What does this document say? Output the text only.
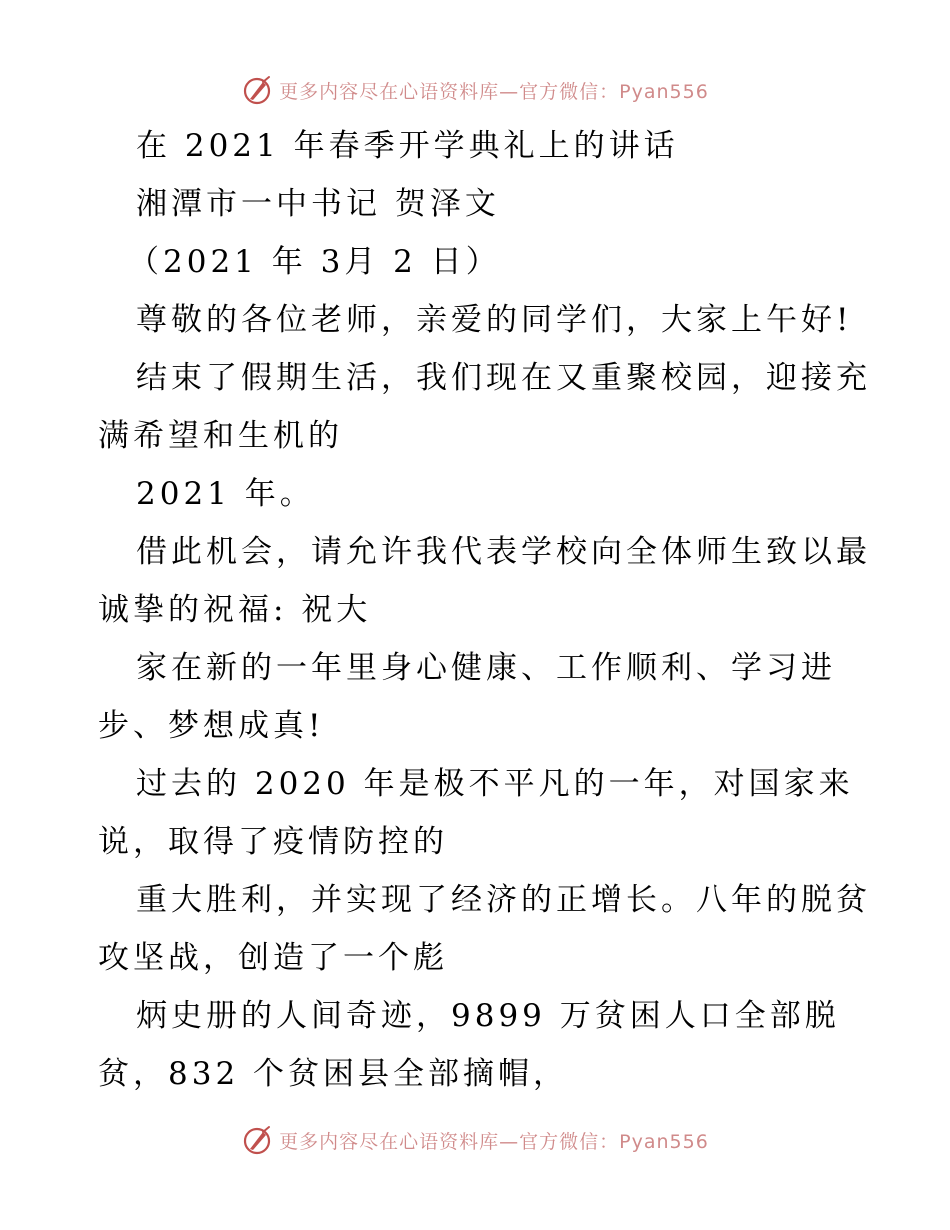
更多内容尽在心语资料库—官方微信：Pyan556
在 2021 年春季开学典礼上的讲话
湘潭市一中书记 贺泽文
（2021 年 3月 2 日）
尊敬的各位老师，亲爱的同学们，大家上午好!
结束了假期生活，我们现在又重聚校园，迎接充
满希望和生机的
2021 年。
借此机会，请允许我代表学校向全体师生致以最
诚挚的祝福: 祝大
家在新的一年里身心健康、工作顺利、学习进
步、梦想成真!
过去的 2020 年是极不平凡的一年，对国家来
说，取得了疫情防控的
重大胜利，并实现了经济的正增长。八年的脱贫
攻坚战，创造了一个彪
炳史册的人间奇迹，9899 万贫困人口全部脱
贫，832 个贫困县全部摘帽，
更多内容尽在心语资料库—官方微信：Pyan556
